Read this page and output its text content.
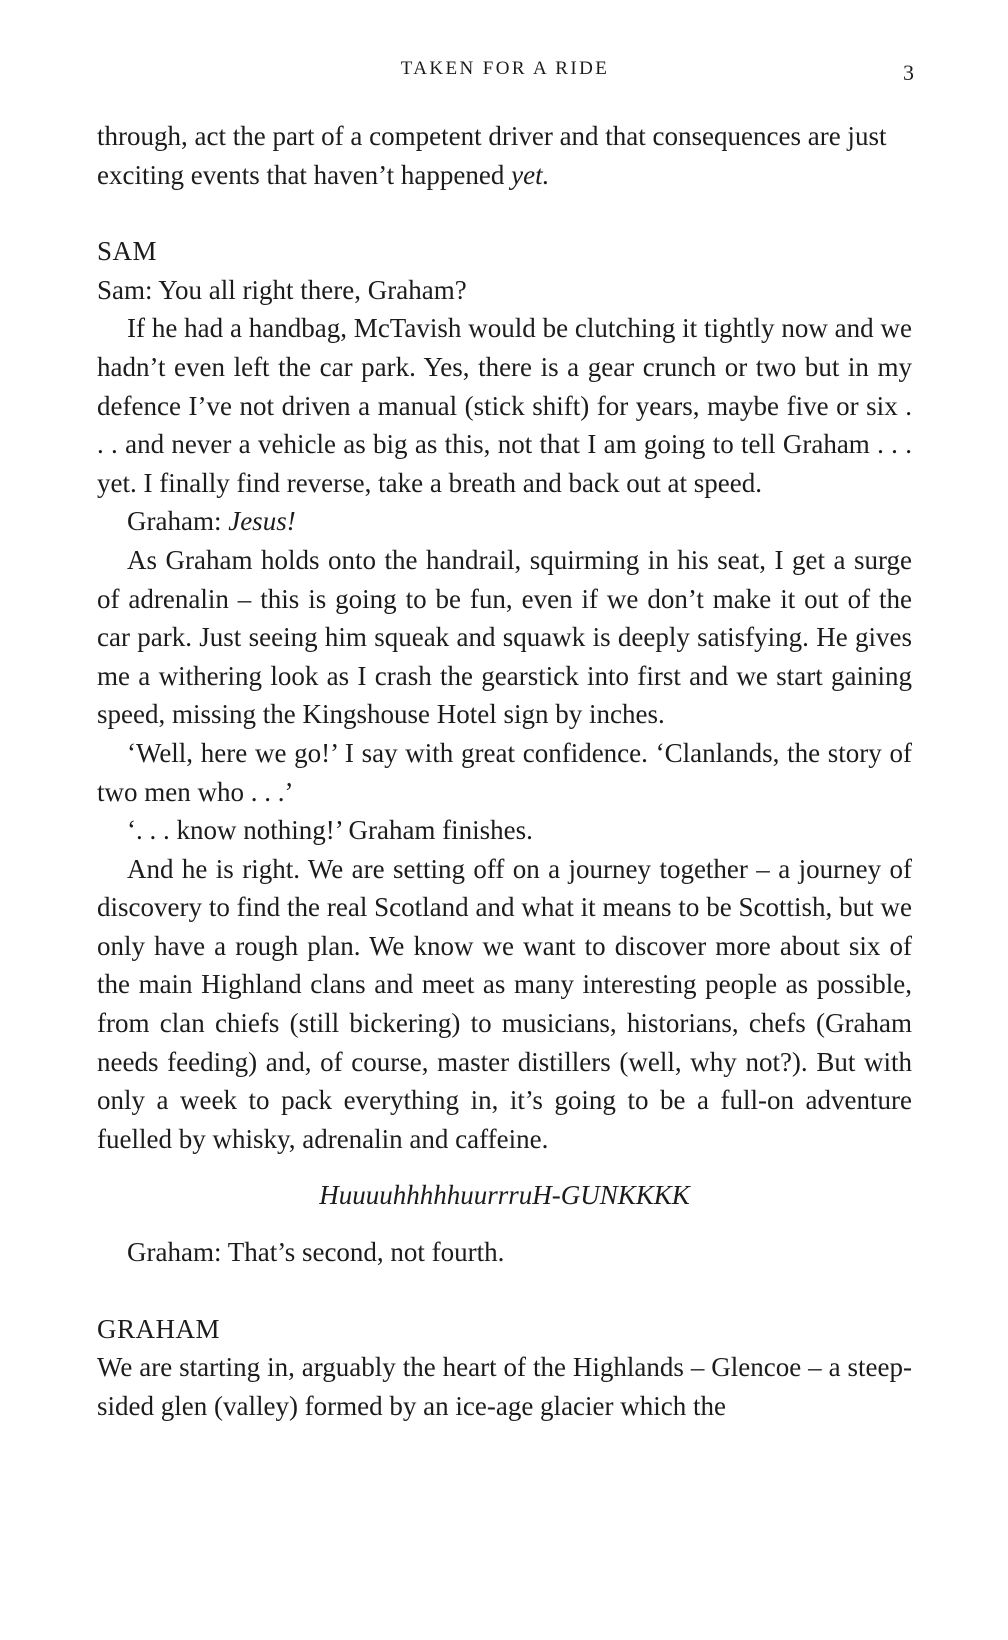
TAKEN FOR A RIDE	3

through, act the part of a competent driver and that consequences are just exciting events that haven’t happened yet.

SAM

Sam: You all right there, Graham?

If he had a handbag, McTavish would be clutching it tightly now and we hadn’t even left the car park. Yes, there is a gear crunch or two but in my defence I’ve not driven a manual (stick shift) for years, maybe five or six . . . and never a vehicle as big as this, not that I am going to tell Graham . . . yet. I finally find reverse, take a breath and back out at speed.

Graham: Jesus!

As Graham holds onto the handrail, squirming in his seat, I get a surge of adrenalin – this is going to be fun, even if we don’t make it out of the car park. Just seeing him squeak and squawk is deeply satisfying. He gives me a withering look as I crash the gearstick into first and we start gaining speed, missing the Kingshouse Hotel sign by inches.

‘Well, here we go!’ I say with great confidence. ‘Clanlands, the story of two men who . . .’

‘. . . know nothing!’ Graham finishes.

And he is right. We are setting off on a journey together – a journey of discovery to find the real Scotland and what it means to be Scottish, but we only have a rough plan. We know we want to discover more about six of the main Highland clans and meet as many interesting people as possible, from clan chiefs (still bickering) to musicians, historians, chefs (Graham needs feeding) and, of course, master distillers (well, why not?). But with only a week to pack everything in, it’s going to be a full-on adventure fuelled by whisky, adrenalin and caffeine.

HuuuuhhhhhuurrruH-GUNKKKK

Graham: That’s second, not fourth.

GRAHAM

We are starting in, arguably the heart of the Highlands – Glencoe – a steep-sided glen (valley) formed by an ice-age glacier which the
